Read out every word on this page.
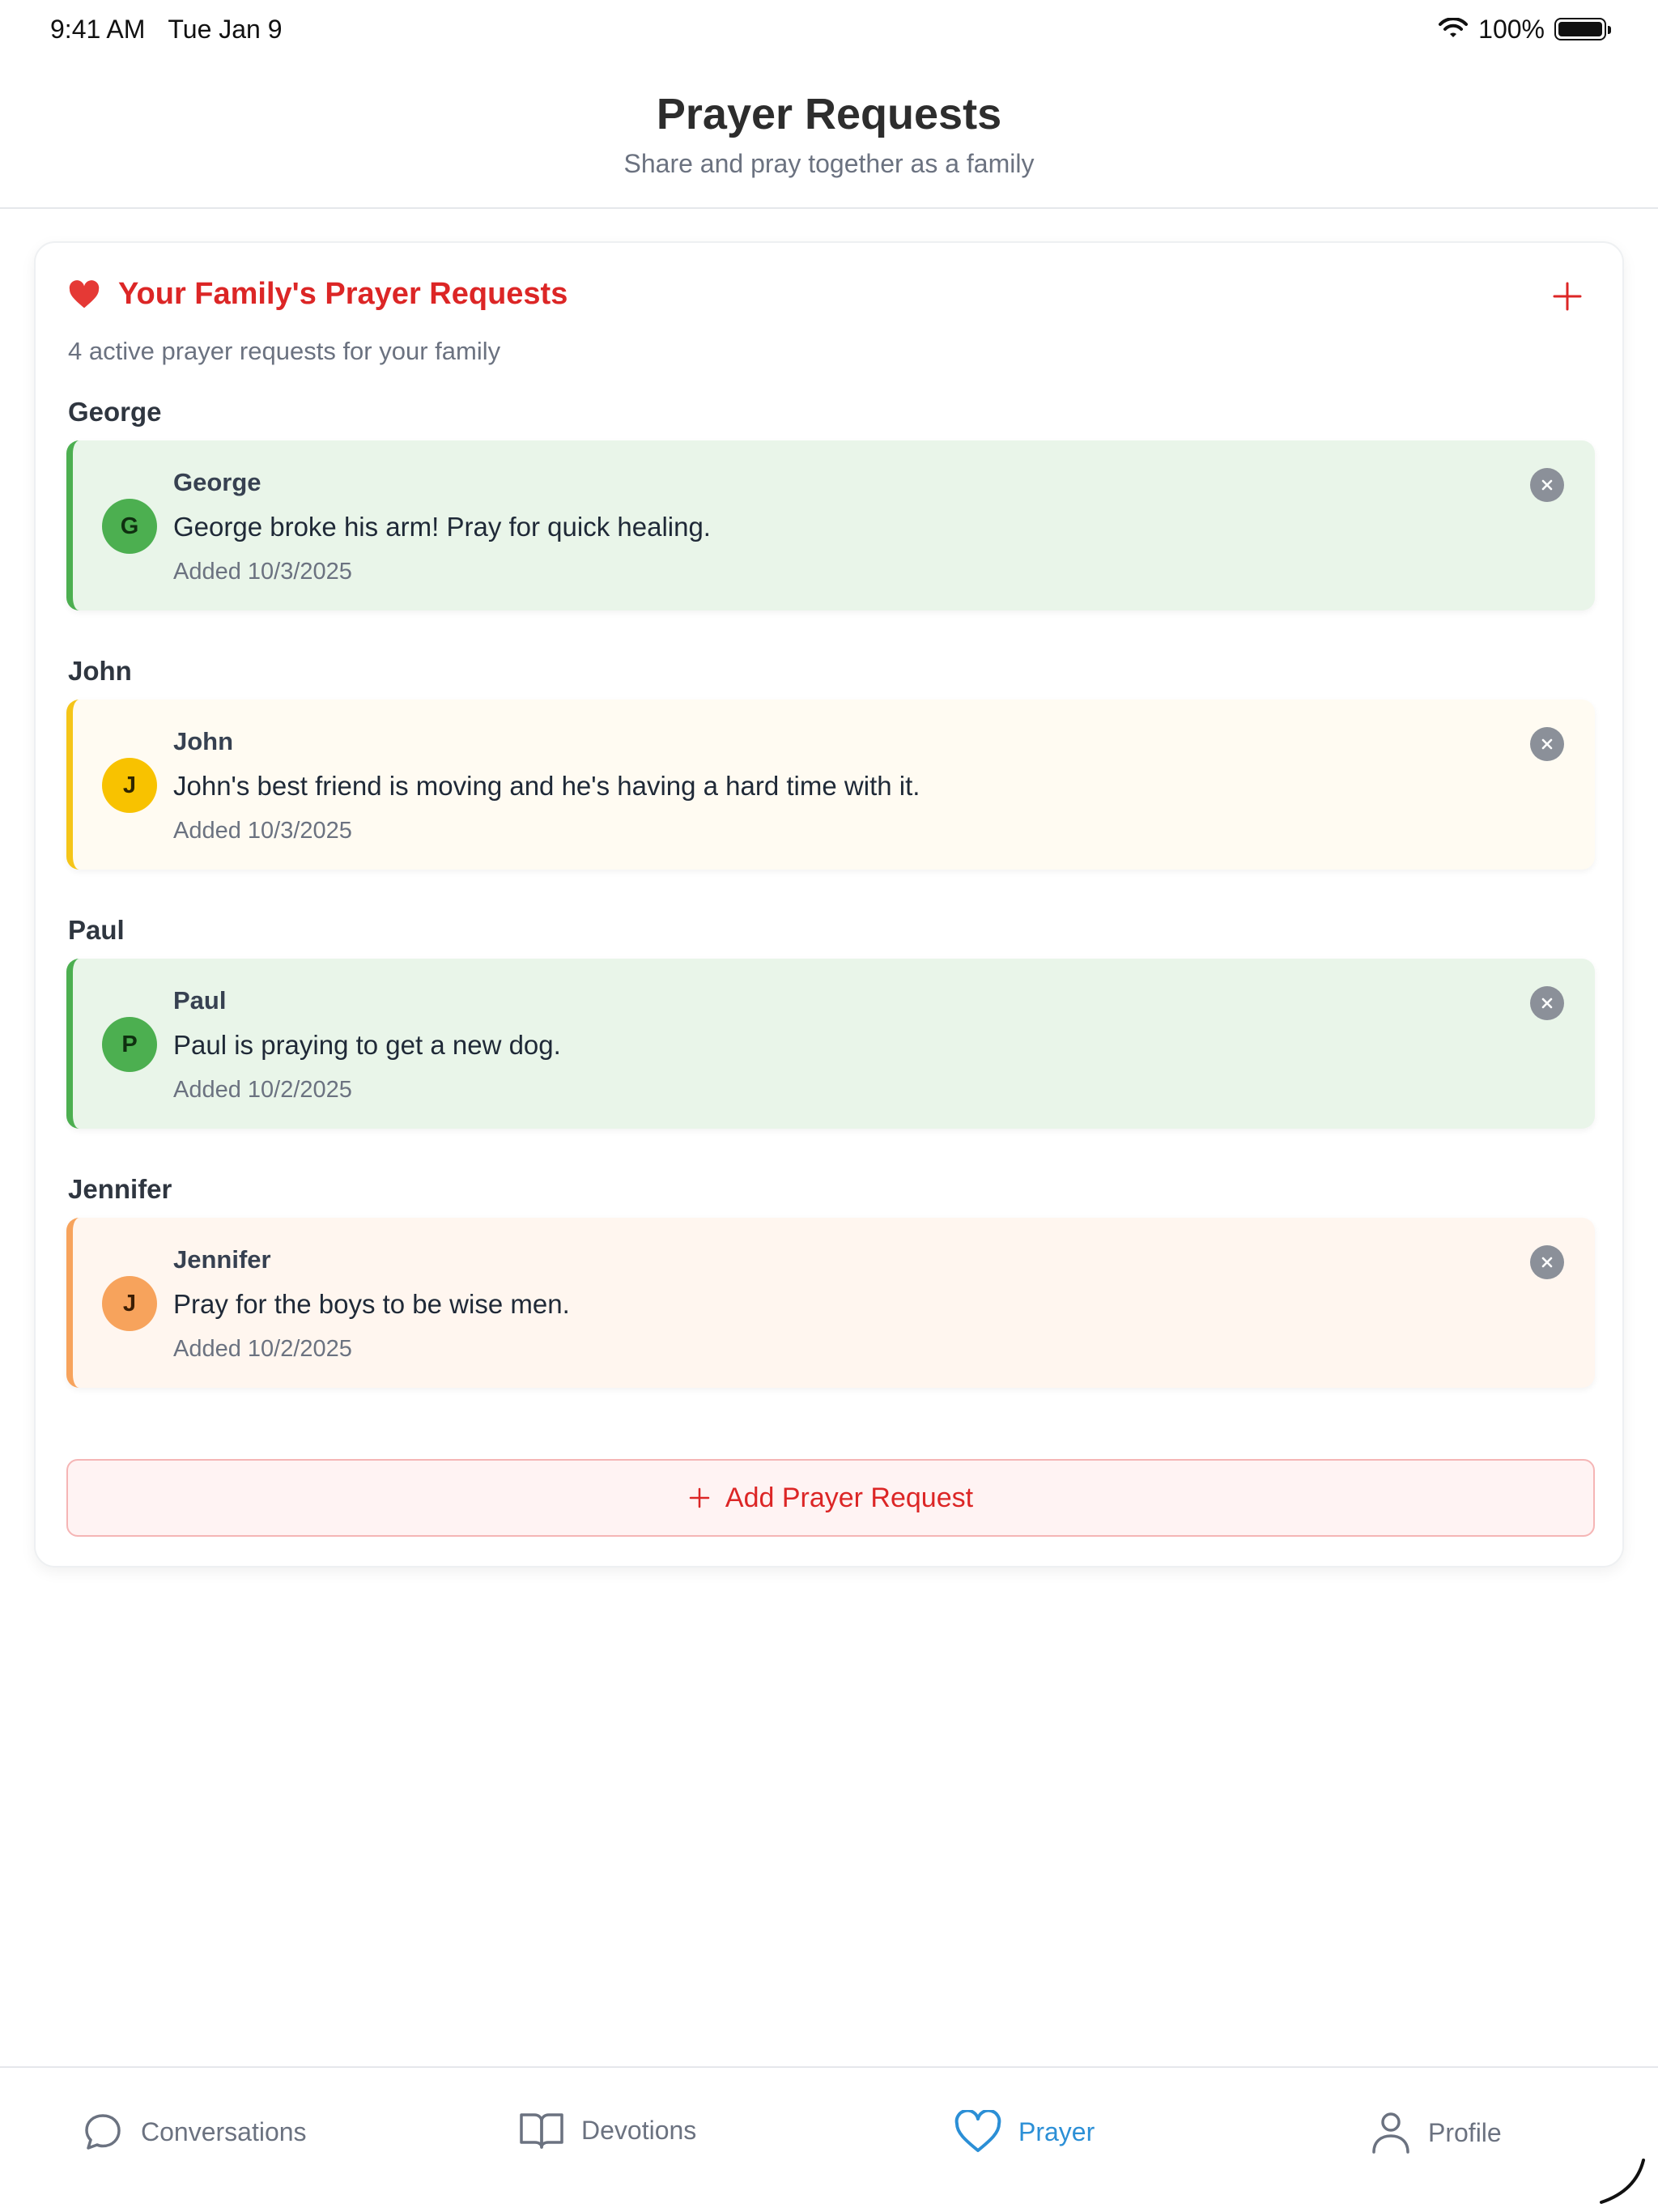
9:41 AM Tue Jan 9	100%
Prayer Requests
Share and pray together as a family
Your Family's Prayer Requests
4 active prayer requests for your family
George
G
George
George broke his arm! Pray for quick healing.
Added 10/3/2025
John
J
John
John's best friend is moving and he's having a hard time with it.
Added 10/3/2025
Paul
P
Paul
Paul is praying to get a new dog.
Added 10/2/2025
Jennifer
J
Jennifer
Pray for the boys to be wise men.
Added 10/2/2025
Add Prayer Request
Conversations	Devotions	Prayer	Profile
